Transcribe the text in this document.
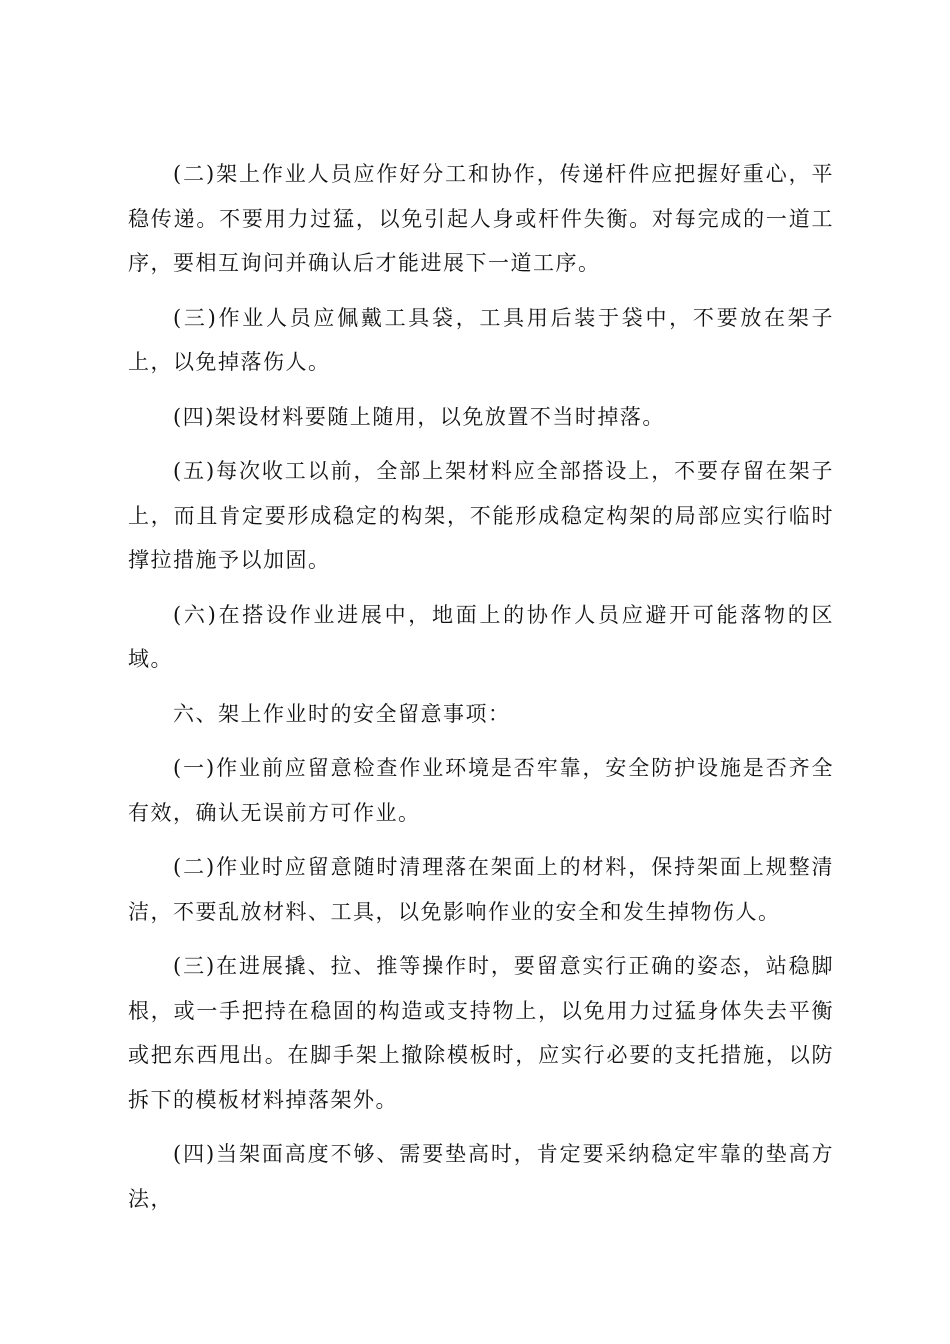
(二)架上作业人员应作好分工和协作，传递杆件应把握好重心，平稳传递。不要用力过猛，以免引起人身或杆件失衡。对每完成的一道工序，要相互询问并确认后才能进展下一道工序。

(三)作业人员应佩戴工具袋，工具用后装于袋中，不要放在架子上，以免掉落伤人。

(四)架设材料要随上随用，以免放置不当时掉落。

(五)每次收工以前，全部上架材料应全部搭设上，不要存留在架子上，而且肯定要形成稳定的构架，不能形成稳定构架的局部应实行临时撑拉措施予以加固。

(六)在搭设作业进展中，地面上的协作人员应避开可能落物的区域。

六、架上作业时的安全留意事项：

(一)作业前应留意检查作业环境是否牢靠，安全防护设施是否齐全有效，确认无误前方可作业。

(二)作业时应留意随时清理落在架面上的材料，保持架面上规整清洁，不要乱放材料、工具，以免影响作业的安全和发生掉物伤人。

(三)在进展撬、拉、推等操作时，要留意实行正确的姿态，站稳脚根，或一手把持在稳固的构造或支持物上，以免用力过猛身体失去平衡或把东西甩出。在脚手架上撤除模板时，应实行必要的支托措施，以防拆下的模板材料掉落架外。

(四)当架面高度不够、需要垫高时，肯定要采纳稳定牢靠的垫高方法，
